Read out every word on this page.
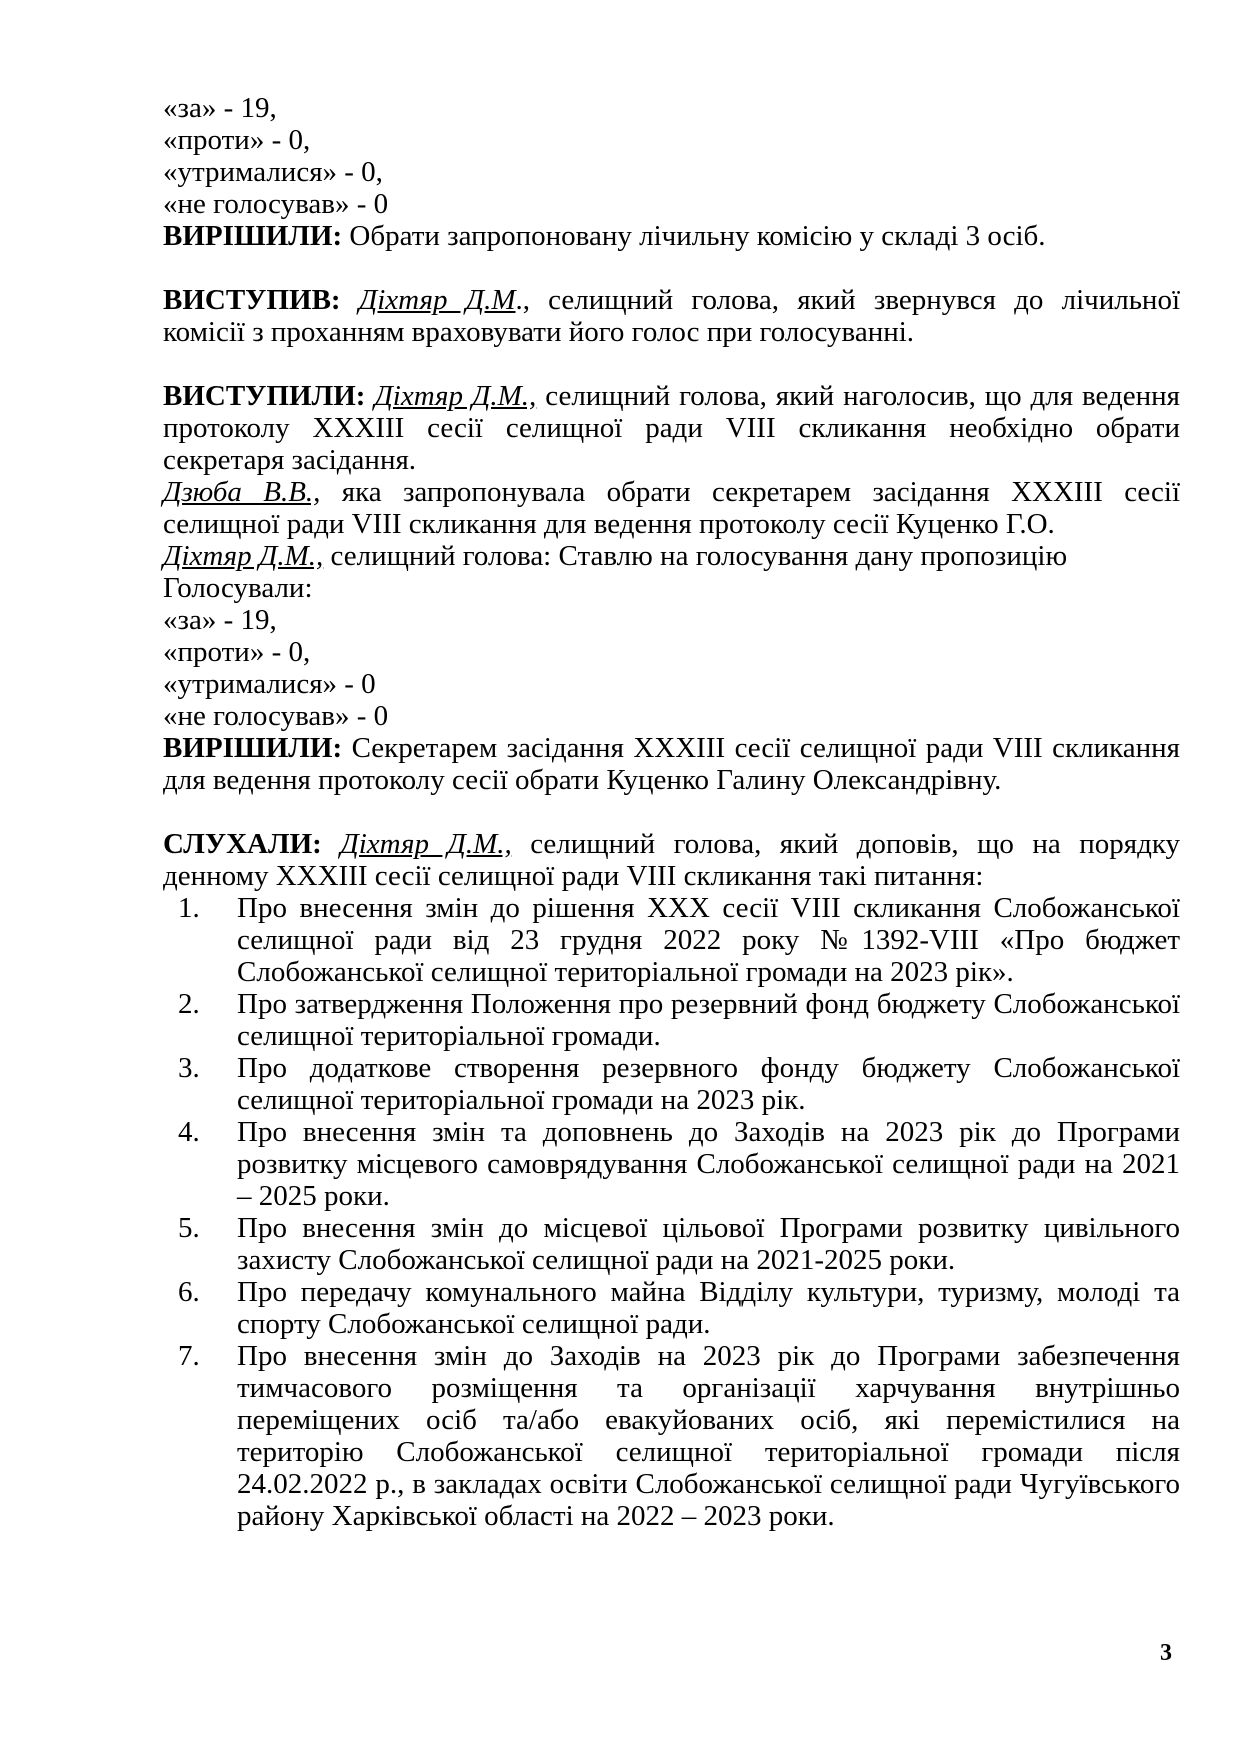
«за» - 19,
«проти» - 0,
«утрималися» - 0,
«не голосував» - 0
ВИРІШИЛИ: Обрати запропоновану лічильну комісію у складі 3 осіб.
ВИСТУПИВ: Діхтяр Д.М., селищний голова, який звернувся до лічильної комісії з проханням враховувати його голос при голосуванні.
ВИСТУПИЛИ: Діхтяр Д.М., селищний голова, який наголосив, що для ведення протоколу XXXIII сесії селищної ради VIII скликання необхідно обрати секретаря засідання.
Дзюба В.В., яка запропонувала обрати секретарем засідання XXXIII сесії селищної ради VIII скликання для ведення протоколу сесії Куценко Г.О.
Діхтяр Д.М., селищний голова: Ставлю на голосування дану пропозицію
Голосували:
«за» - 19,
«проти» - 0,
«утрималися» - 0
«не голосував» - 0
ВИРІШИЛИ: Секретарем засідання XXXIII сесії селищної ради VIII скликання для ведення протоколу сесії обрати Куценко Галину Олександрівну.
СЛУХАЛИ: Діхтяр Д.М., селищний голова, який доповів, що на порядку денному XXXIII сесії селищної ради VIII скликання такі питання:
1. Про внесення змін до рішення XXX сесії VIII скликання Слобожанської селищної ради від 23 грудня 2022 року №1392-VIII «Про бюджет Слобожанської селищної територіальної громади на 2023 рік».
2. Про затвердження Положення про резервний фонд бюджету Слобожанської селищної територіальної громади.
3. Про додаткове створення резервного фонду бюджету Слобожанської селищної територіальної громади на 2023 рік.
4. Про внесення змін та доповнень до Заходів на 2023 рік до Програми розвитку місцевого самоврядування Слобожанської селищної ради на 2021 – 2025 роки.
5. Про внесення змін до місцевої цільової Програми розвитку цивільного захисту Слобожанської селищної ради на 2021-2025 роки.
6. Про передачу комунального майна Відділу культури, туризму, молоді та спорту Слобожанської селищної ради.
7. Про внесення змін до Заходів на 2023 рік до Програми забезпечення тимчасового розміщення та організації харчування внутрішньо переміщених осіб та/або евакуйованих осіб, які перемістилися на територію Слобожанської селищної територіальної громади після 24.02.2022 р., в закладах освіти Слобожанської селищної ради Чугуївського району Харківської області на 2022 – 2023 роки.
3
